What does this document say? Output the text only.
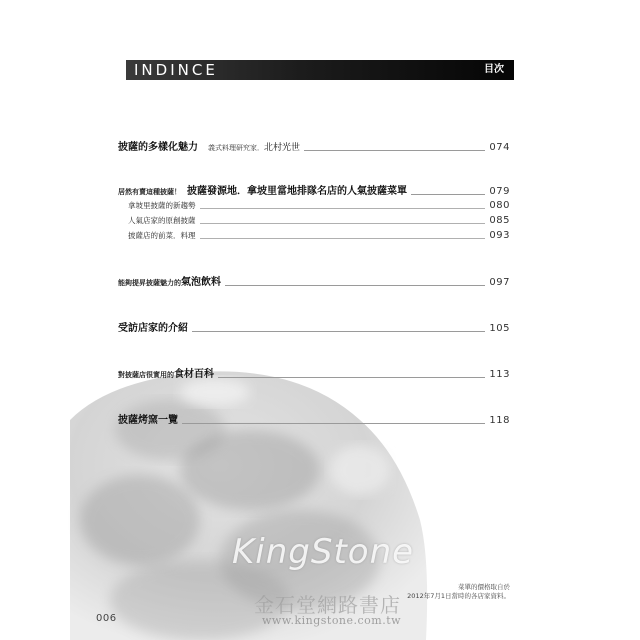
INDINCE	目次
披薩的多樣化魅力 義式料理研究家． 北村光世	074
居然有賣這種披薩！ 披薩發源地．拿坡里當地排隊名店的人氣披薩菜單	079
拿坡里披薩的新趨勢	080
人氣店家的原創披薩	085
披薩店的前菜．料理	093
能夠提昇披薩魅力的 氣泡飲料	097
受訪店家的介紹	105
對披薩店很實用的 食材百科	113
披薩烤窯一覽	118
菜單的價格取自於
2012年7月1日當時的各店家資料。
006
KingStone
金石堂網路書店
www.kingstone.com.tw
